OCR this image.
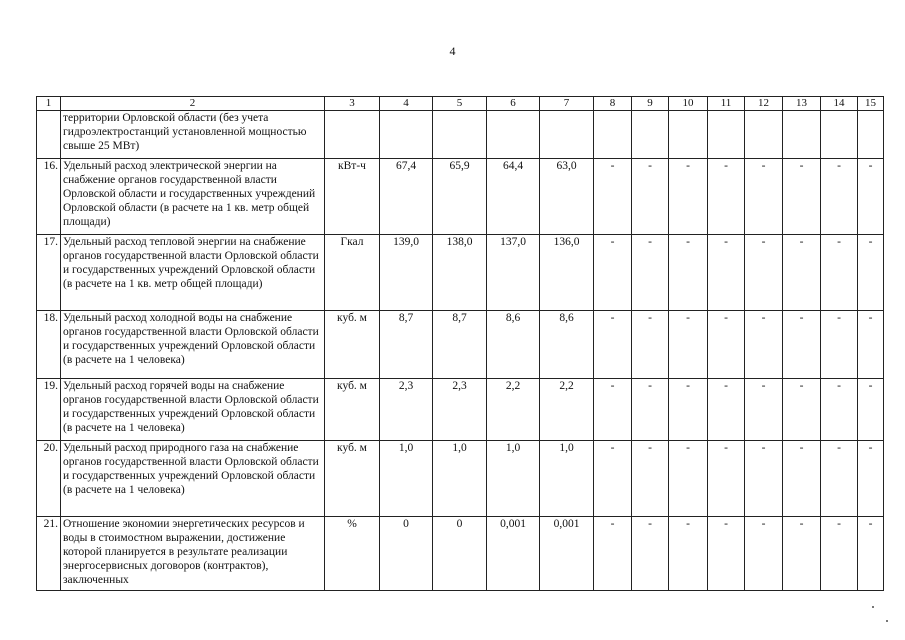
4
1	2	3	4	5	6	7	8	9	10	11	12	13	14	15
	территории Орловской области (без учета гидроэлектростанций установленной мощностью свыше 25 МВт)													
16.	Удельный расход электрической энергии на снабжение органов государственной власти Орловской области и государственных учреждений Орловской области (в расчете на 1 кв. метр общей площади)	кВт-ч	67,4	65,9	64,4	63,0	-	-	-	-	-	-	-	-
17.	Удельный расход тепловой энергии на снабжение органов государственной власти Орловской области и государственных учреждений Орловской области (в расчете на 1 кв. метр общей площади)	Гкал	139,0	138,0	137,0	136,0	-	-	-	-	-	-	-	-
18.	Удельный расход холодной воды на снабжение органов государственной власти Орловской области и государственных учреждений Орловской области (в расчете на 1 человека)	куб. м	8,7	8,7	8,6	8,6	-	-	-	-	-	-	-	-
19.	Удельный расход горячей воды на снабжение органов государственной власти Орловской области и государственных учреждений Орловской области (в расчете на 1 человека)	куб. м	2,3	2,3	2,2	2,2	-	-	-	-	-	-	-	-
20.	Удельный расход природного газа на снабжение органов государственной власти Орловской области и государственных учреждений Орловской области (в расчете на 1 человека)	куб. м	1,0	1,0	1,0	1,0	-	-	-	-	-	-	-	-
21.	Отношение экономии энергетических ресурсов и воды в стоимостном выражении, достижение которой планируется в результате реализации энергосервисных договоров (контрактов), заключенных	%	0	0	0,001	0,001	-	-	-	-	-	-	-	-
